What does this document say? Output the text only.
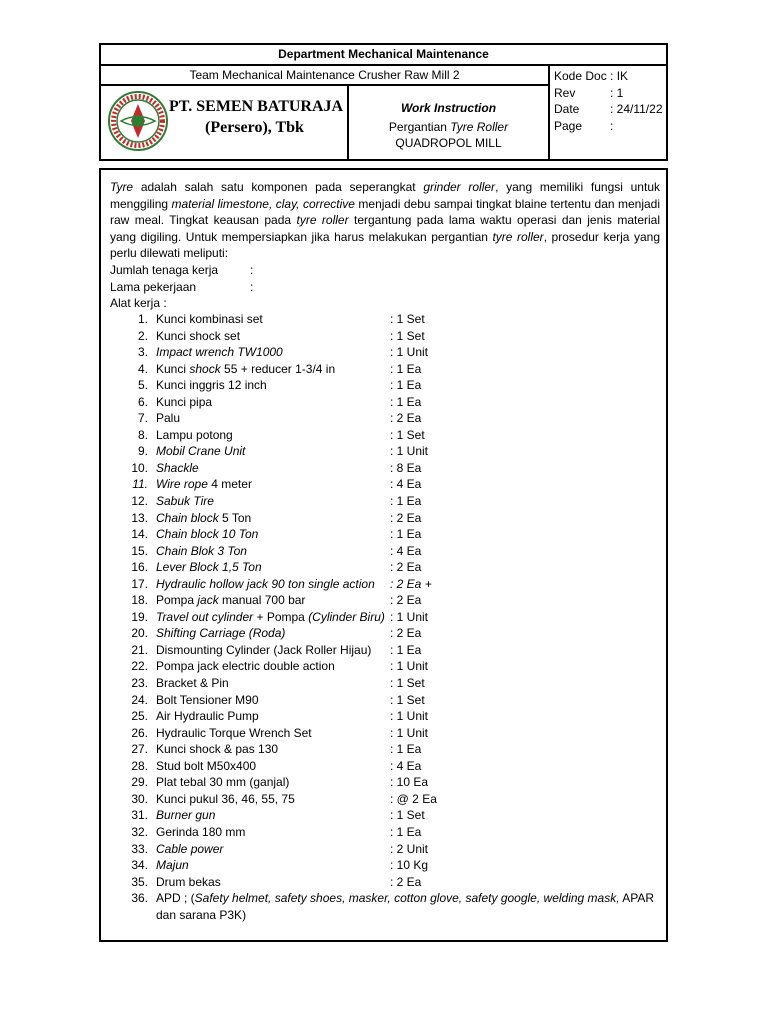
Department Mechanical Maintenance
Team Mechanical Maintenance Crusher Raw Mill 2
PT. SEMEN BATURAJA
(Persero), Tbk
Work Instruction
Pergantian Tyre Roller
QUADROPOL MILL
Kode Doc : IK
Rev	: 1
Date	: 24/11/22
Page :
Tyre adalah salah satu komponen pada seperangkat grinder roller, yang memiliki fungsi untuk menggiling material limestone, clay, corrective menjadi debu sampai tingkat blaine tertentu dan menjadi raw meal. Tingkat keausan pada tyre roller tergantung pada lama waktu operasi dan jenis material yang digiling. Untuk mempersiapkan jika harus melakukan pergantian tyre roller, prosedur kerja yang perlu dilewati meliputi:
Jumlah tenaga kerja	:
Lama pekerjaan	:
Alat kerja :
1. Kunci kombinasi set	: 1 Set
2. Kunci shock set	: 1 Set
3. Impact wrench TW1000	: 1 Unit
4. Kunci shock 55 + reducer 1-3/4 in	: 1 Ea
5. Kunci inggris 12 inch	: 1 Ea
6. Kunci pipa	: 1 Ea
7. Palu	: 2 Ea
8. Lampu potong	: 1 Set
9. Mobil Crane Unit	: 1 Unit
10. Shackle	: 8 Ea
11. Wire rope 4 meter	: 4 Ea
12. Sabuk Tire	: 1 Ea
13. Chain block 5 Ton	: 2 Ea
14. Chain block 10 Ton	: 1 Ea
15. Chain Blok 3 Ton	: 4 Ea
16. Lever Block 1,5 Ton	: 2 Ea
17. Hydraulic hollow jack 90 ton single action : 2 Ea +
18. Pompa jack manual 700 bar	: 2 Ea
19. Travel out cylinder + Pompa (Cylinder Biru) : 1 Unit
20. Shifting Carriage (Roda)	: 2 Ea
21. Dismounting Cylinder (Jack Roller Hijau) : 1 Ea
22. Pompa jack electric double action	: 1 Unit
23. Bracket & Pin	: 1 Set
24. Bolt Tensioner M90	: 1 Set
25. Air Hydraulic Pump	: 1 Unit
26. Hydraulic Torque Wrench Set	: 1 Unit
27. Kunci shock & pas 130	: 1 Ea
28. Stud bolt M50x400	: 4 Ea
29. Plat tebal 30 mm (ganjal)	: 10 Ea
30. Kunci pukul 36, 46, 55, 75	: @ 2 Ea
31. Burner gun	: 1 Set
32. Gerinda 180 mm	: 1 Ea
33. Cable power	: 2 Unit
34. Majun	: 10 Kg
35. Drum bekas	: 2 Ea
36. APD ; (Safety helmet, safety shoes, masker, cotton glove, safety google, welding mask, APAR dan sarana P3K)
